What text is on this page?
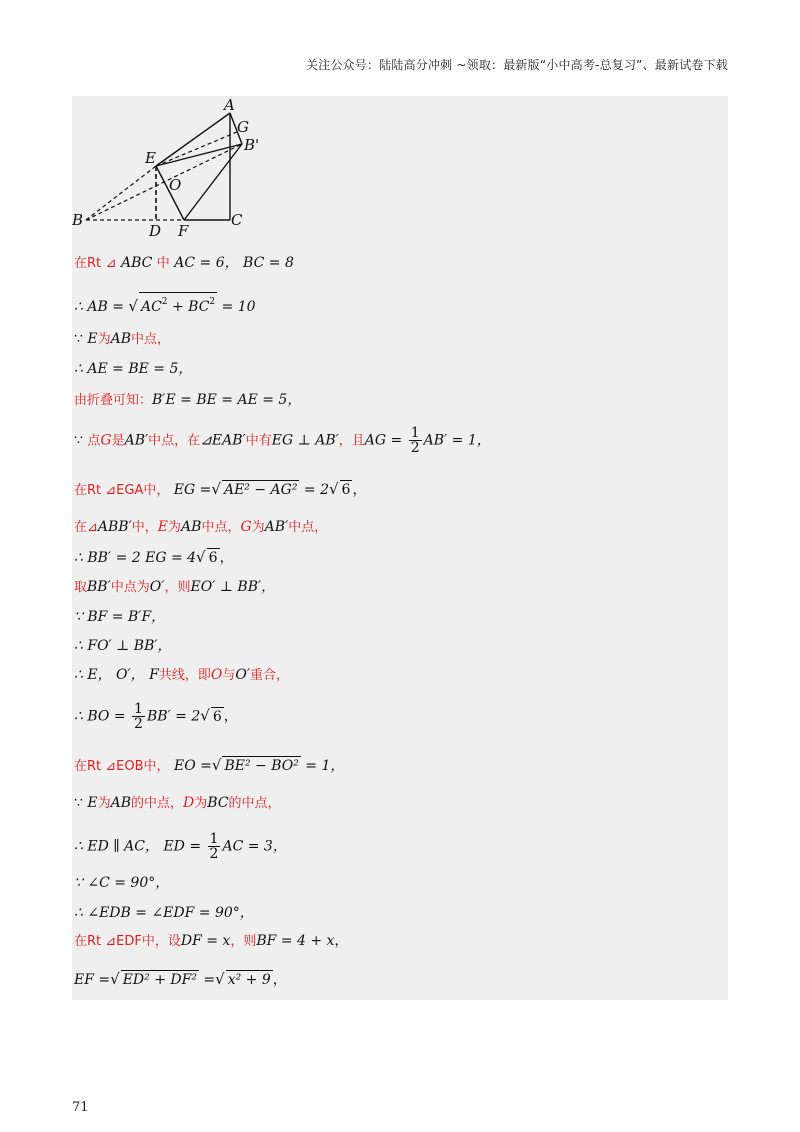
关注公众号：陆陆高分冲刺 ~领取：最新版“小中高考-总复习”、最新试卷下载
A
G
B'
E
O
B
D F
C
在Rt ⊿ ABC 中 AC = 6， BC = 8
∴ AB = √ $AC^2 + BC^2 = 10$
∵ E为AB中点，
∴ AE = BE = 5，
由折叠可知：B′E = BE = AE = 5，
∵ 点G是AB′中点，在⊿EAB′中有EG ⊥ AB′，且AG = $\frac{1}{2} AB' = 1$，
在Rt ⊿EGA中， EG =√ AE² − AG² = 2√ 6 ，
在⊿ABB′中，E为AB中点，G为AB′中点，
∴ BB′ = 2 EG = 4√ 6 ，
取BB′中点为O′，则EO′ ⊥ BB′，
∵ BF = B′F，
∴ FO′ ⊥ BB′，
∴ E， O′， F共线，即O与O′重合，
∴ BO = $\frac{1}{2} BB' = 2√$ 6 ，
在Rt ⊿EOB中， EO =√ BE² − BO² = 1，
∵ E为AB的中点，D为BC的中点，
∴ ED ∥ AC， ED = $\frac{1}{2}$ AC = 3，
∵ ∠C = 90°，
∴ ∠EDB = ∠EDF = 90°，
在Rt ⊿EDF中，设DF = x，则BF = 4 + x，
EF =√ ED² + DF² =√ x² + 9 ，
71
